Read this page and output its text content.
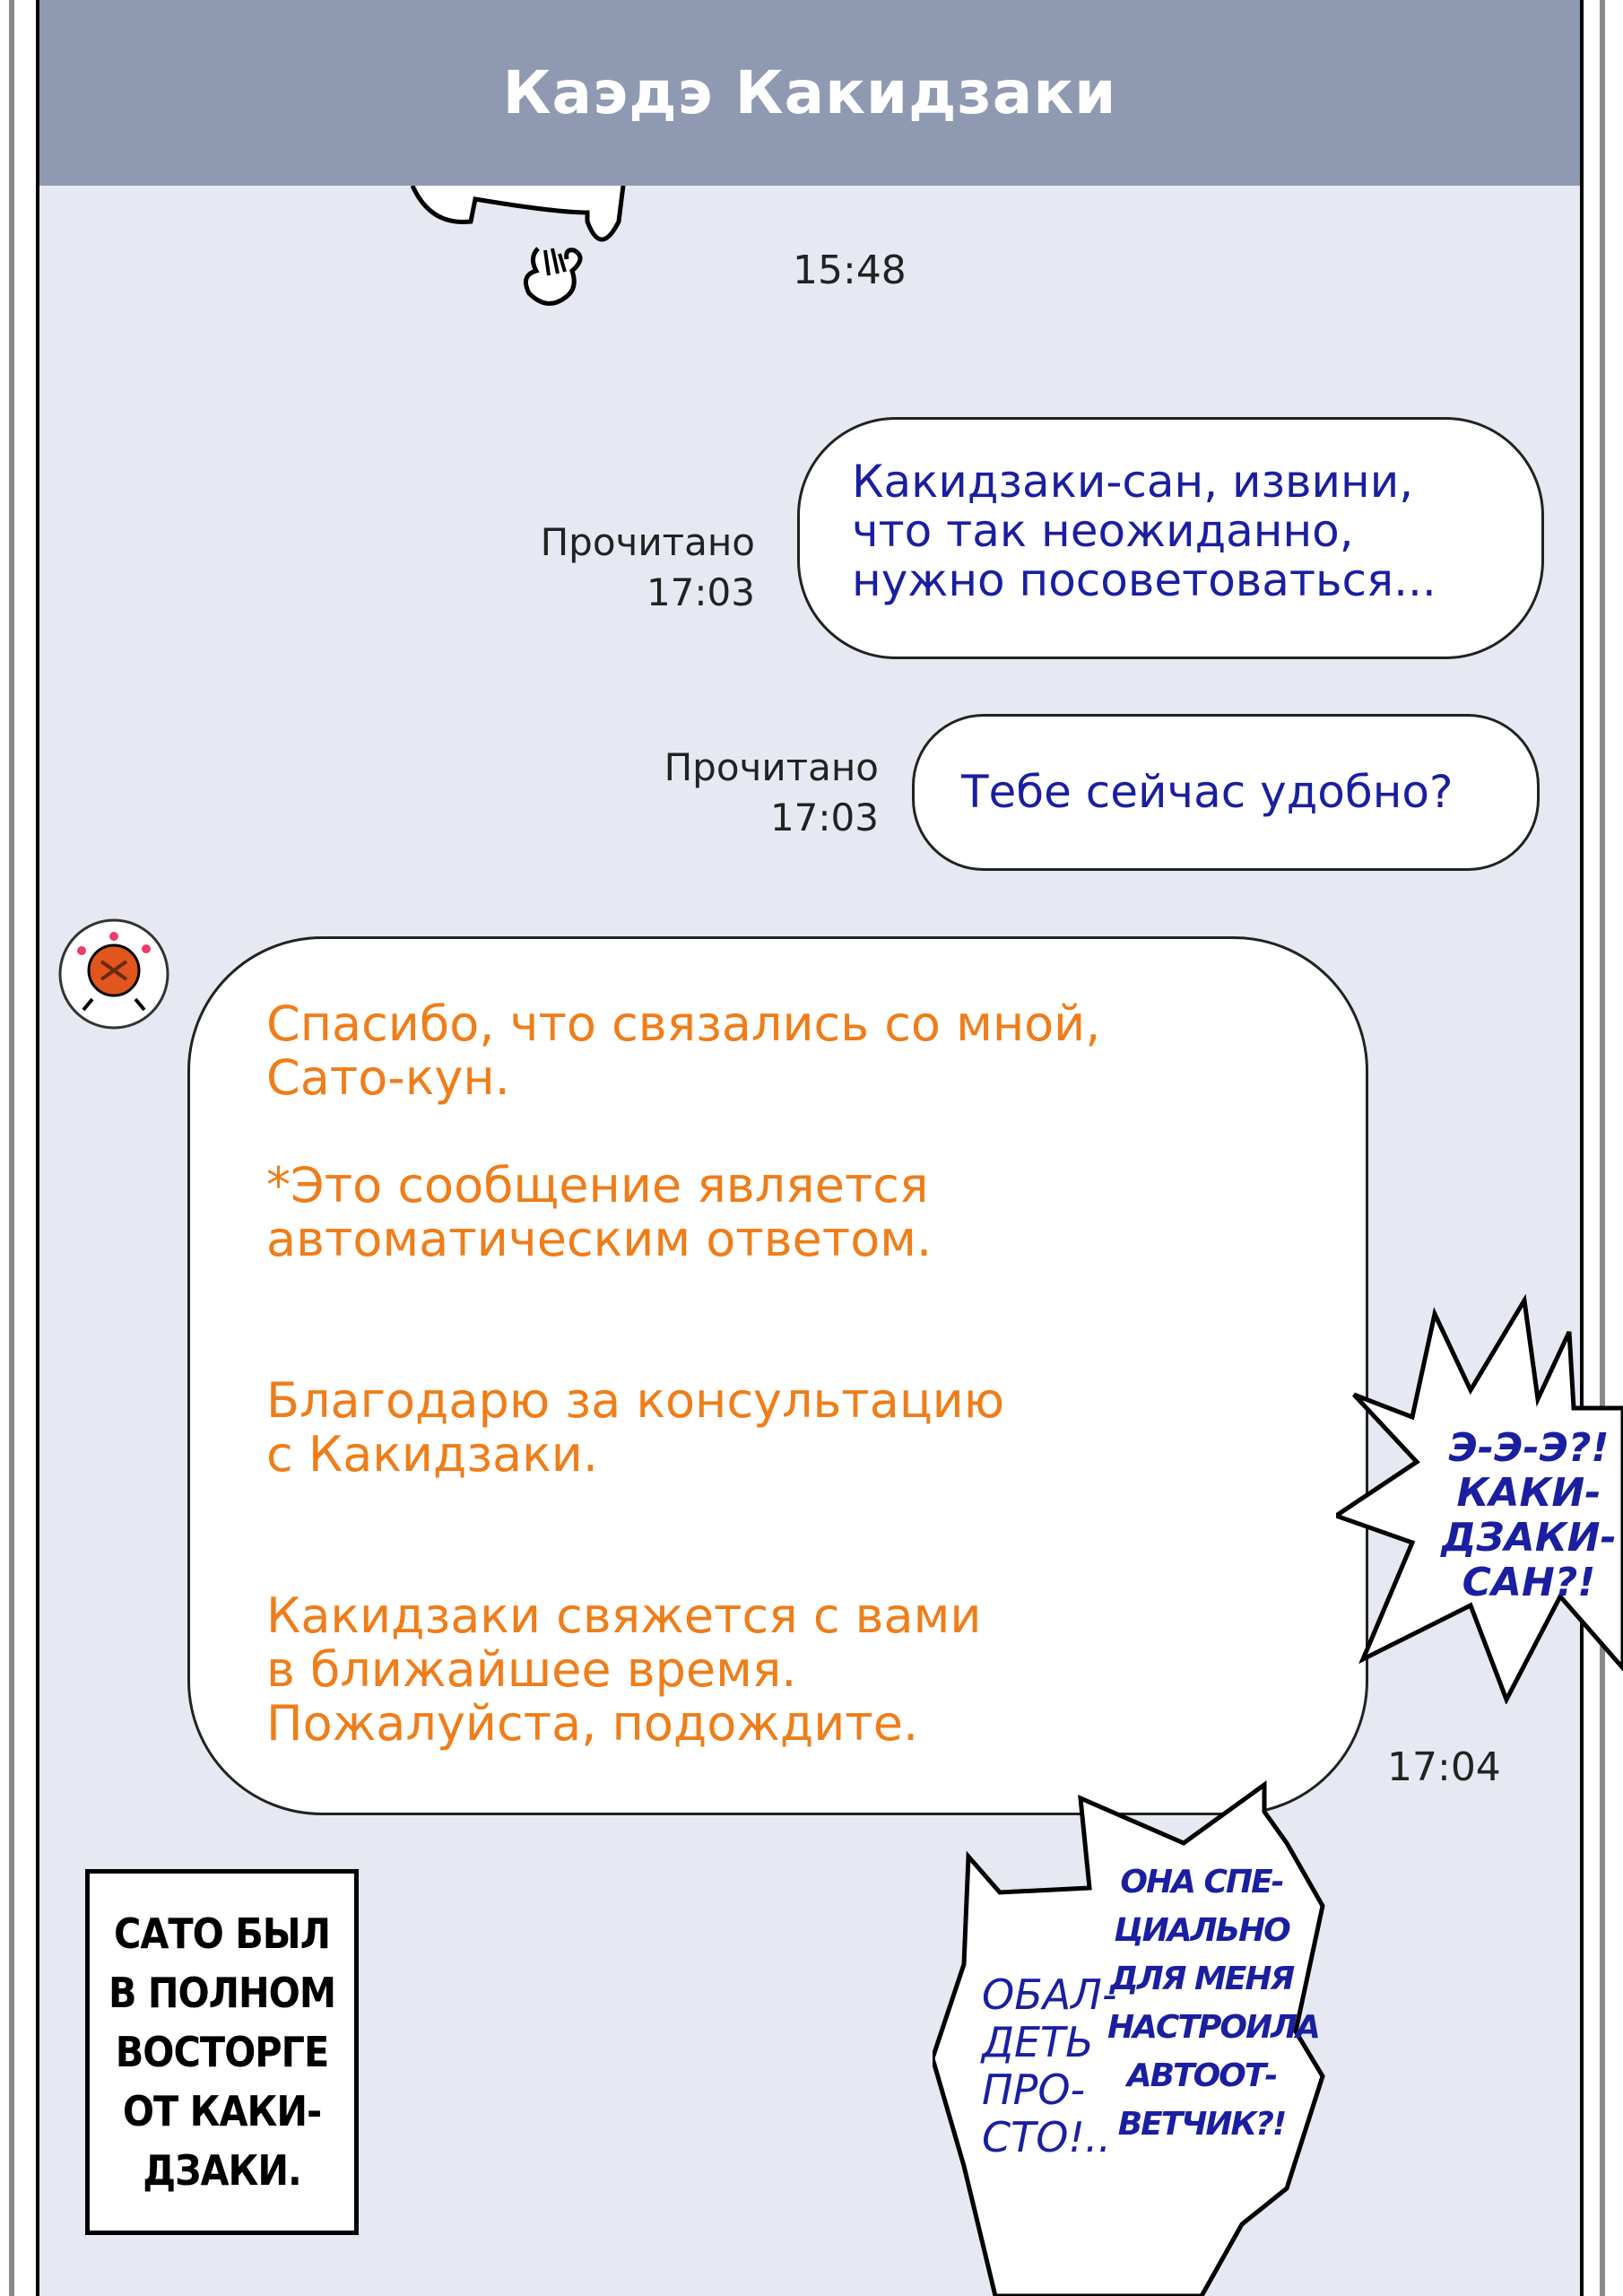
Каэдэ Какидзаки
15:48
Прочитано
17:03
Какидзаки-сан, извини,
что так неожиданно,
нужно посоветоваться...
Прочитано
17:03 Тебе сейчас удобно?
Спасибо, что связались со мной,
Сато-кун.
*Это сообщение является
автоматическим ответом.
Благодарю за консультацию
с Какидзаки.
Какидзаки свяжется с вами
в ближайшее время.
Пожалуйста, подождите.
17:04
Э-Э-Э?!
КАКИ-
ДЗАКИ-
САН?!
САТО БЫЛ
В ПОЛНОМ
ВОСТОРГЕ
ОТ КАКИ-
ДЗАКИ.
ОБАЛ-
ДЕТЬ
ПРО-
СТО!..
ОНА СПЕ-
ЦИАЛЬНО
ДЛЯ МЕНЯ
НАСТРОИЛА
АВТООТ-
ВЕТЧИК?!
